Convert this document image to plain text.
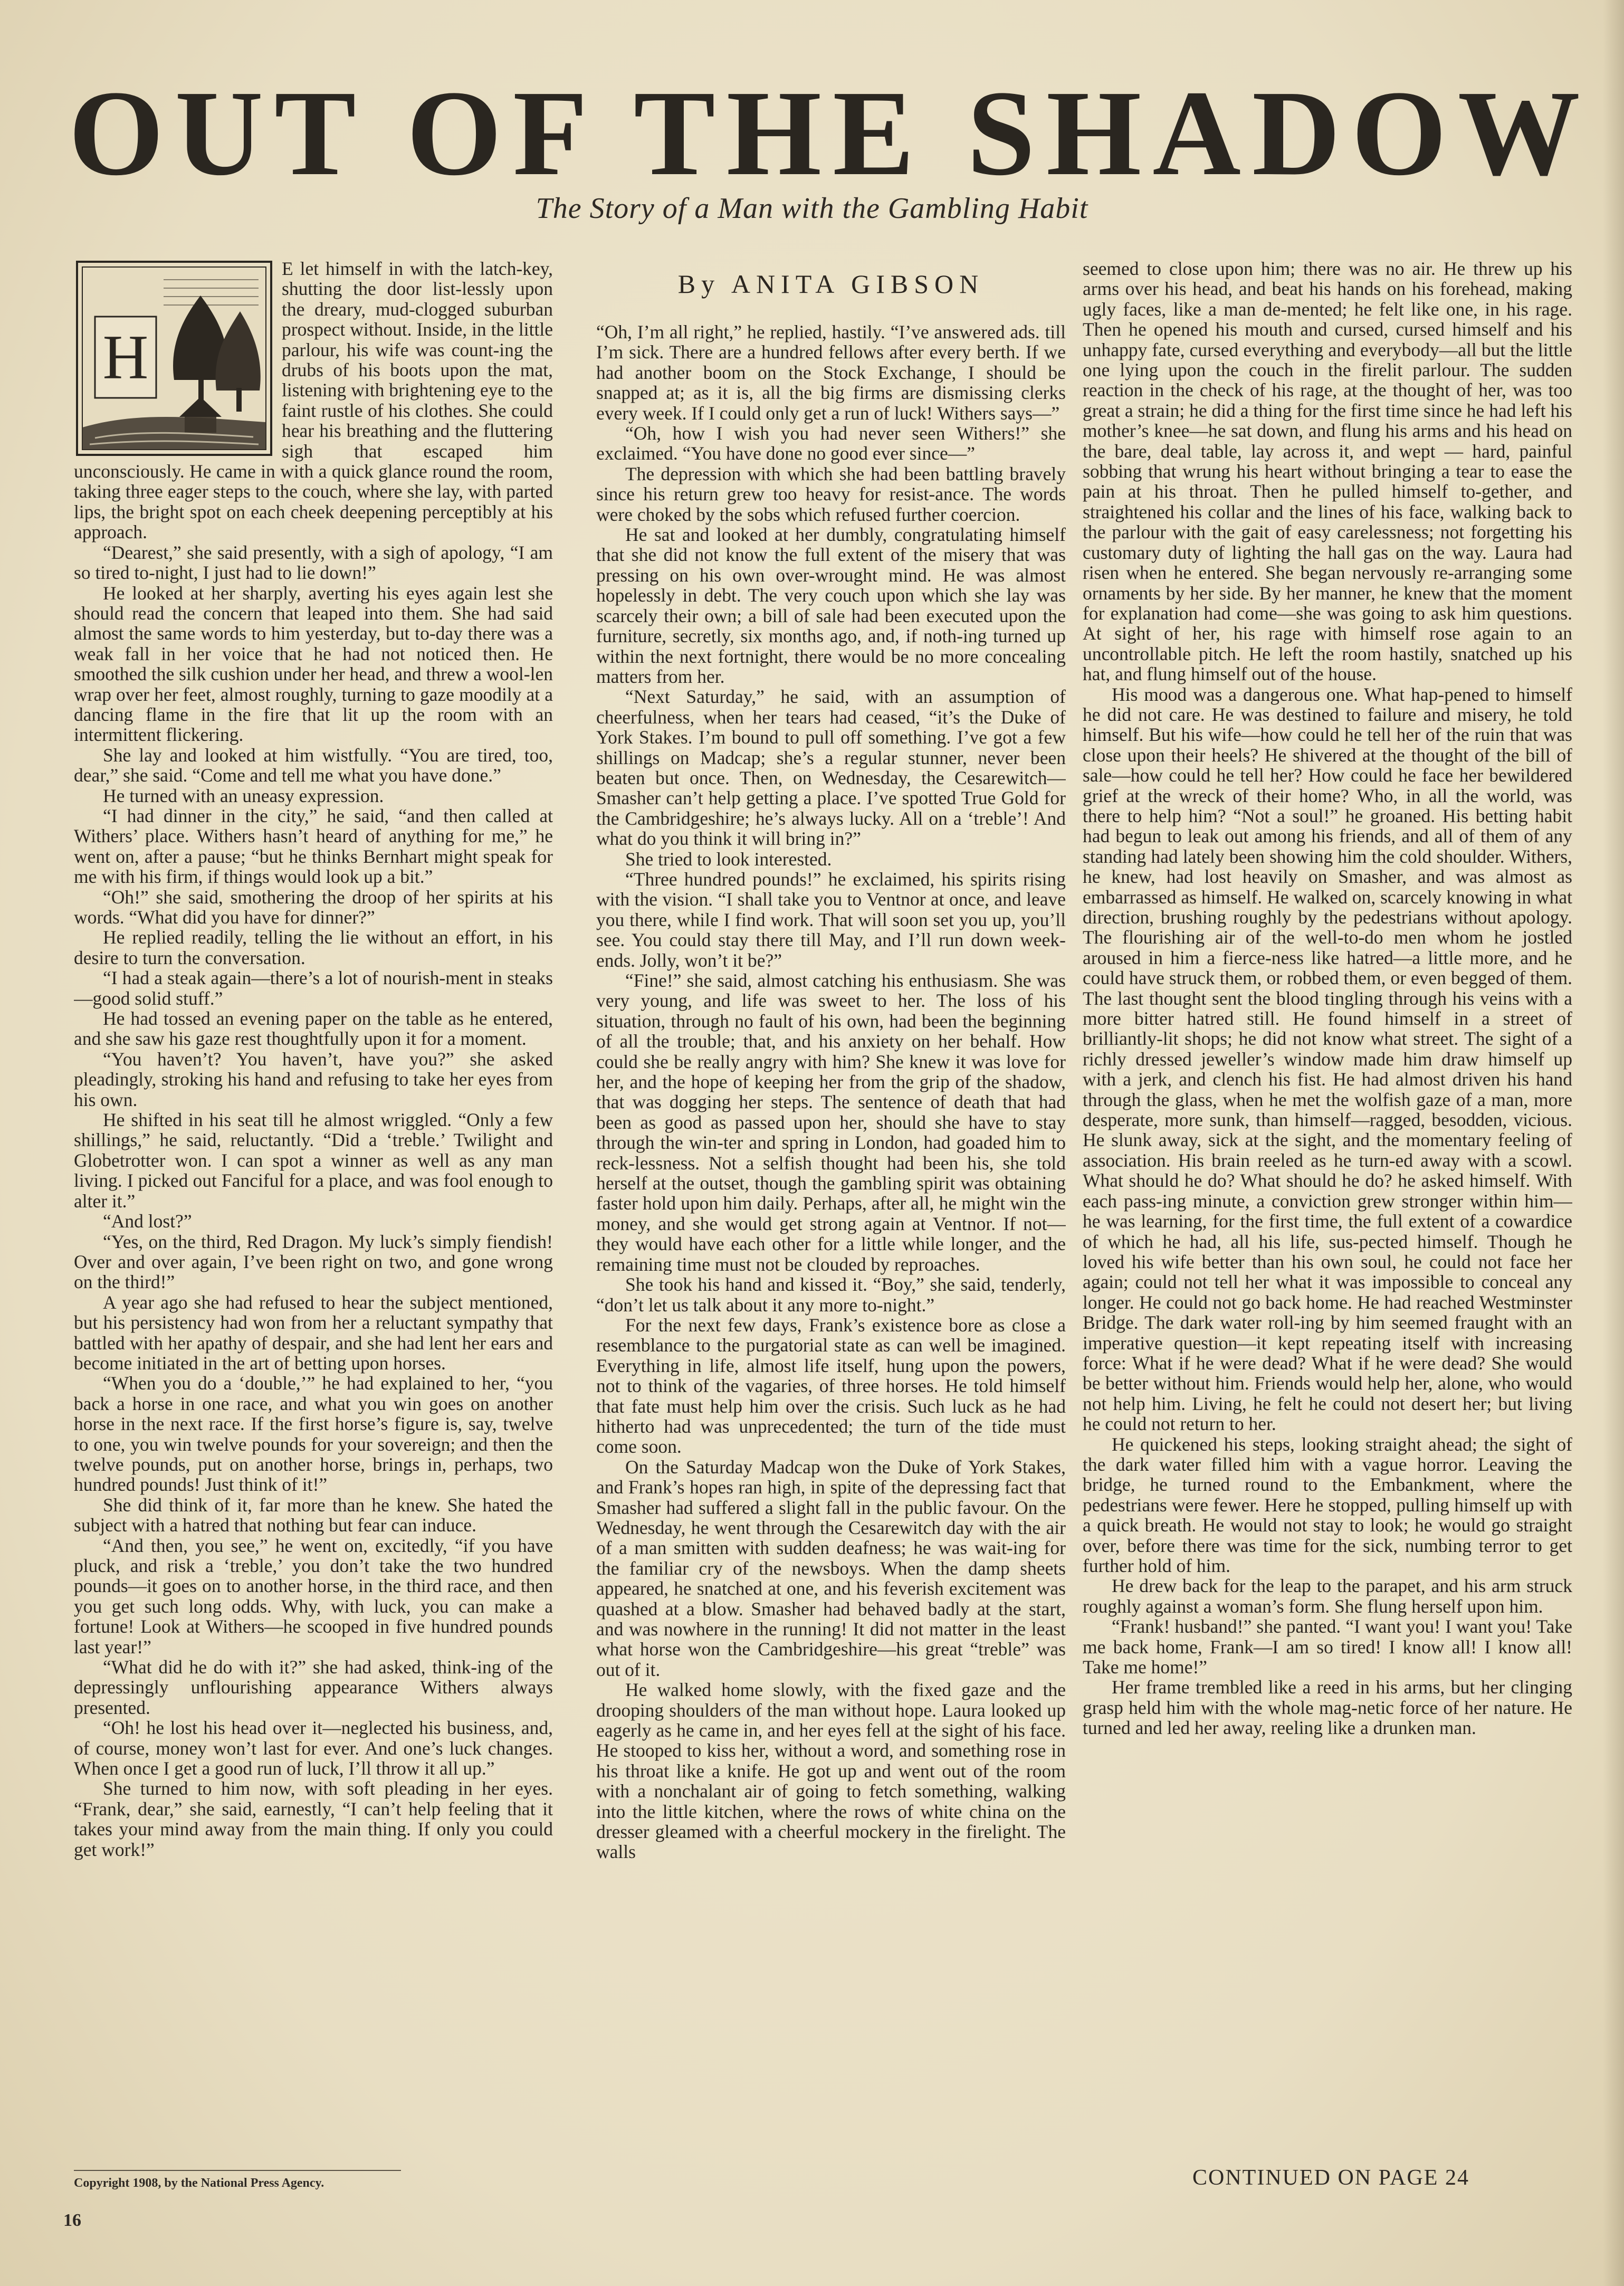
OUT OF THE SHADOW
The Story of a Man with the Gambling Habit
H

E let himself in with the latch-key, shutting the door list-lessly upon the dreary, mud-clogged suburban prospect without. Inside, in the little parlour, his wife was count-ing the drubs of his boots upon the mat, listening with brightening eye to the faint rustle of his clothes. She could hear his breathing and the fluttering sigh that escaped him unconsciously. He came in with a quick glance round the room, taking three eager steps to the couch, where she lay, with parted lips, the bright spot on each cheek deepening perceptibly at his approach.

“Dearest,” she said presently, with a sigh of apology, “I am so tired to-night, I just had to lie down!”

He looked at her sharply, averting his eyes again lest she should read the concern that leaped into them. She had said almost the same words to him yesterday, but to-day there was a weak fall in her voice that he had not noticed then. He smoothed the silk cushion under her head, and threw a wool-len wrap over her feet, almost roughly, turning to gaze moodily at a dancing flame in the fire that lit up the room with an intermittent flickering.

She lay and looked at him wistfully. “You are tired, too, dear,” she said. “Come and tell me what you have done.”

He turned with an uneasy expression.

“I had dinner in the city,” he said, “and then called at Withers’ place. Withers hasn’t heard of anything for me,” he went on, after a pause; “but he thinks Bernhart might speak for me with his firm, if things would look up a bit.”

“Oh!” she said, smothering the droop of her spirits at his words. “What did you have for dinner?”

He replied readily, telling the lie without an effort, in his desire to turn the conversation.

“I had a steak again—there’s a lot of nourish-ment in steaks—good solid stuff.”

He had tossed an evening paper on the table as he entered, and she saw his gaze rest thoughtfully upon it for a moment.

“You haven’t? You haven’t, have you?” she asked pleadingly, stroking his hand and refusing to take her eyes from his own.

He shifted in his seat till he almost wriggled. “Only a few shillings,” he said, reluctantly. “Did a ‘treble.’ Twilight and Globetrotter won. I can spot a winner as well as any man living. I picked out Fanciful for a place, and was fool enough to alter it.”

“And lost?”

“Yes, on the third, Red Dragon. My luck’s simply fiendish! Over and over again, I’ve been right on two, and gone wrong on the third!”

A year ago she had refused to hear the subject mentioned, but his persistency had won from her a reluctant sympathy that battled with her apathy of despair, and she had lent her ears and become initiated in the art of betting upon horses.

“When you do a ‘double,’” he had explained to her, “you back a horse in one race, and what you win goes on another horse in the next race. If the first horse’s figure is, say, twelve to one, you win twelve pounds for your sovereign; and then the twelve pounds, put on another horse, brings in, perhaps, two hundred pounds! Just think of it!”

She did think of it, far more than he knew. She hated the subject with a hatred that nothing but fear can induce.

“And then, you see,” he went on, excitedly, “if you have pluck, and risk a ‘treble,’ you don’t take the two hundred pounds—it goes on to another horse, in the third race, and then you get such long odds. Why, with luck, you can make a fortune! Look at Withers—he scooped in five hundred pounds last year!”

“What did he do with it?” she had asked, think-ing of the depressingly unflourishing appearance Withers always presented.

“Oh! he lost his head over it—neglected his business, and, of course, money won’t last for ever. And one’s luck changes. When once I get a good run of luck, I’ll throw it all up.”

She turned to him now, with soft pleading in her eyes. “Frank, dear,” she said, earnestly, “I can’t help feeling that it takes your mind away from the main thing. If only you could get work!”

By ANITA GIBSON

“Oh, I’m all right,” he replied, hastily. “I’ve answered ads. till I’m sick. There are a hundred fellows after every berth. If we had another boom on the Stock Exchange, I should be snapped at; as it is, all the big firms are dismissing clerks every week. If I could only get a run of luck! Withers says—”

“Oh, how I wish you had never seen Withers!” she exclaimed. “You have done no good ever since—”

The depression with which she had been battling bravely since his return grew too heavy for resist-ance. The words were choked by the sobs which refused further coercion.

He sat and looked at her dumbly, congratulating himself that she did not know the full extent of the misery that was pressing on his own over-wrought mind. He was almost hopelessly in debt. The very couch upon which she lay was scarcely their own; a bill of sale had been executed upon the furniture, secretly, six months ago, and, if noth-ing turned up within the next fortnight, there would be no more concealing matters from her.

“Next Saturday,” he said, with an assumption of cheerfulness, when her tears had ceased, “it’s the Duke of York Stakes. I’m bound to pull off something. I’ve got a few shillings on Madcap; she’s a regular stunner, never been beaten but once. Then, on Wednesday, the Cesarewitch—Smasher can’t help getting a place. I’ve spotted True Gold for the Cambridgeshire; he’s always lucky. All on a ‘treble’! And what do you think it will bring in?”

She tried to look interested.

“Three hundred pounds!” he exclaimed, his spirits rising with the vision. “I shall take you to Ventnor at once, and leave you there, while I find work. That will soon set you up, you’ll see. You could stay there till May, and I’ll run down week-ends. Jolly, won’t it be?”

“Fine!” she said, almost catching his enthusiasm. She was very young, and life was sweet to her. The loss of his situation, through no fault of his own, had been the beginning of all the trouble; that, and his anxiety on her behalf. How could she be really angry with him? She knew it was love for her, and the hope of keeping her from the grip of the shadow, that was dogging her steps. The sentence of death that had been as good as passed upon her, should she have to stay through the win-ter and spring in London, had goaded him to reck-lessness. Not a selfish thought had been his, she told herself at the outset, though the gambling spirit was obtaining faster hold upon him daily. Perhaps, after all, he might win the money, and she would get strong again at Ventnor. If not—they would have each other for a little while longer, and the remaining time must not be clouded by reproaches.

She took his hand and kissed it. “Boy,” she said, tenderly, “don’t let us talk about it any more to-night.”

For the next few days, Frank’s existence bore as close a resemblance to the purgatorial state as can well be imagined. Everything in life, almost life itself, hung upon the powers, not to think of the vagaries, of three horses. He told himself that fate must help him over the crisis. Such luck as he had hitherto had was unprecedented; the turn of the tide must come soon.

On the Saturday Madcap won the Duke of York Stakes, and Frank’s hopes ran high, in spite of the depressing fact that Smasher had suffered a slight fall in the public favour. On the Wednesday, he went through the Cesarewitch day with the air of a man smitten with sudden deafness; he was wait-ing for the familiar cry of the newsboys. When the damp sheets appeared, he snatched at one, and his feverish excitement was quashed at a blow. Smasher had behaved badly at the start, and was nowhere in the running! It did not matter in the least what horse won the Cambridgeshire—his great “treble” was out of it.

He walked home slowly, with the fixed gaze and the drooping shoulders of the man without hope. Laura looked up eagerly as he came in, and her eyes fell at the sight of his face. He stooped to kiss her, without a word, and something rose in his throat like a knife. He got up and went out of the room with a nonchalant air of going to fetch something, walking into the little kitchen, where the rows of white china on the dresser gleamed with a cheerful mockery in the firelight. The walls

seemed to close upon him; there was no air. He threw up his arms over his head, and beat his hands on his forehead, making ugly faces, like a man de-mented; he felt like one, in his rage. Then he opened his mouth and cursed, cursed himself and his unhappy fate, cursed everything and everybody—all but the little one lying upon the couch in the firelit parlour. The sudden reaction in the check of his rage, at the thought of her, was too great a strain; he did a thing for the first time since he had left his mother’s knee—he sat down, and flung his arms and his head on the bare, deal table, lay across it, and wept — hard, painful sobbing that wrung his heart without bringing a tear to ease the pain at his throat. Then he pulled himself to-gether, and straightened his collar and the lines of his face, walking back to the parlour with the gait of easy carelessness; not forgetting his customary duty of lighting the hall gas on the way. Laura had risen when he entered. She began nervously re-arranging some ornaments by her side. By her manner, he knew that the moment for explanation had come—she was going to ask him questions. At sight of her, his rage with himself rose again to an uncontrollable pitch. He left the room hastily, snatched up his hat, and flung himself out of the house.

His mood was a dangerous one. What hap-pened to himself he did not care. He was destined to failure and misery, he told himself. But his wife—how could he tell her of the ruin that was close upon their heels? He shivered at the thought of the bill of sale—how could he tell her? How could he face her bewildered grief at the wreck of their home? Who, in all the world, was there to help him? “Not a soul!” he groaned. His betting habit had begun to leak out among his friends, and all of them of any standing had lately been showing him the cold shoulder. Withers, he knew, had lost heavily on Smasher, and was almost as embarrassed as himself. He walked on, scarcely knowing in what direction, brushing roughly by the pedestrians without apology. The flourishing air of the well-to-do men whom he jostled aroused in him a fierce-ness like hatred—a little more, and he could have struck them, or robbed them, or even begged of them. The last thought sent the blood tingling through his veins with a more bitter hatred still. He found himself in a street of brilliantly-lit shops; he did not know what street. The sight of a richly dressed jeweller’s window made him draw himself up with a jerk, and clench his fist. He had almost driven his hand through the glass, when he met the wolfish gaze of a man, more desperate, more sunk, than himself—ragged, besodden, vicious. He slunk away, sick at the sight, and the momentary feeling of association. His brain reeled as he turn-ed away with a scowl. What should he do? What should he do? he asked himself. With each pass-ing minute, a conviction grew stronger within him—he was learning, for the first time, the full extent of a cowardice of which he had, all his life, sus-pected himself. Though he loved his wife better than his own soul, he could not face her again; could not tell her what it was impossible to conceal any longer. He could not go back home. He had reached Westminster Bridge. The dark water roll-ing by him seemed fraught with an imperative question—it kept repeating itself with increasing force: What if he were dead? What if he were dead? She would be better without him. Friends would help her, alone, who would not help him. Living, he felt he could not desert her; but living he could not return to her.

He quickened his steps, looking straight ahead; the sight of the dark water filled him with a vague horror. Leaving the bridge, he turned round to the Embankment, where the pedestrians were fewer. Here he stopped, pulling himself up with a quick breath. He would not stay to look; he would go straight over, before there was time for the sick, numbing terror to get further hold of him.

He drew back for the leap to the parapet, and his arm struck roughly against a woman’s form. She flung herself upon him.

“Frank! husband!” she panted. “I want you! I want you! Take me back home, Frank—I am so tired! I know all! I know all! Take me home!”

Her frame trembled like a reed in his arms, but her clinging grasp held him with the whole mag-netic force of her nature. He turned and led her away, reeling like a drunken man.

Copyright 1908, by the National Press Agency.
16
CONTINUED ON PAGE 24
